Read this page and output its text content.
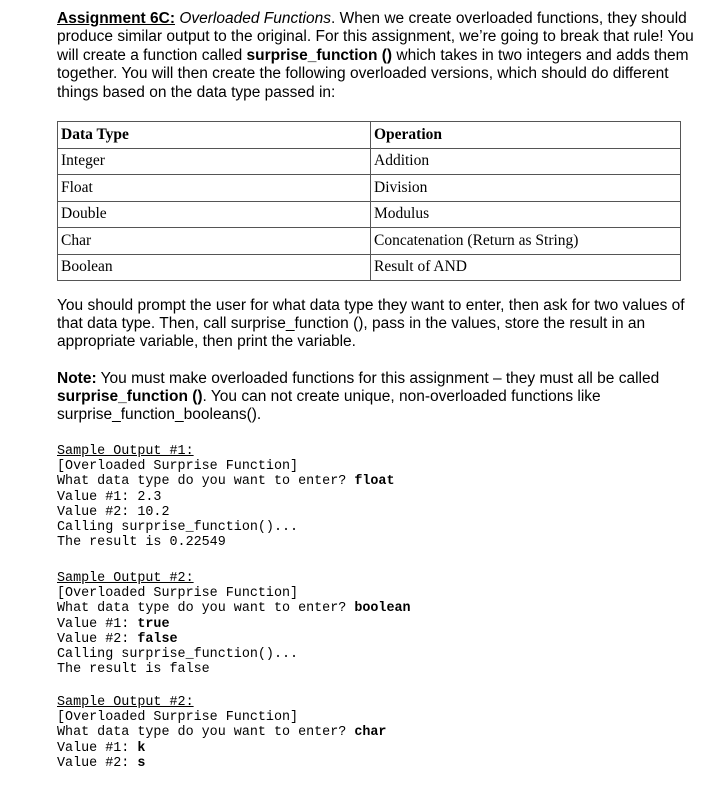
Assignment 6C: Overloaded Functions. When we create overloaded functions, they should produce similar output to the original. For this assignment, we’re going to break that rule! You will create a function called surprise_function () which takes in two integers and adds them together. You will then create the following overloaded versions, which should do different things based on the data type passed in:
Data Type	Operation
Integer	Addition
Float	Division
Double	Modulus
Char	Concatenation (Return as String)
Boolean	Result of AND
You should prompt the user for what data type they want to enter, then ask for two values of that data type. Then, call surprise_function (), pass in the values, store the result in an appropriate variable, then print the variable.
Note: You must make overloaded functions for this assignment – they must all be called surprise_function (). You can not create unique, non-overloaded functions like surprise_function_booleans().
Sample Output #1:
[Overloaded Surprise Function]
What data type do you want to enter? float
Value #1: 2.3
Value #2: 10.2
Calling surprise_function()...
The result is 0.22549
Sample Output #2:
[Overloaded Surprise Function]
What data type do you want to enter? boolean
Value #1: true
Value #2: false
Calling surprise_function()...
The result is false
Sample Output #2:
[Overloaded Surprise Function]
What data type do you want to enter? char
Value #1: k
Value #2: s
